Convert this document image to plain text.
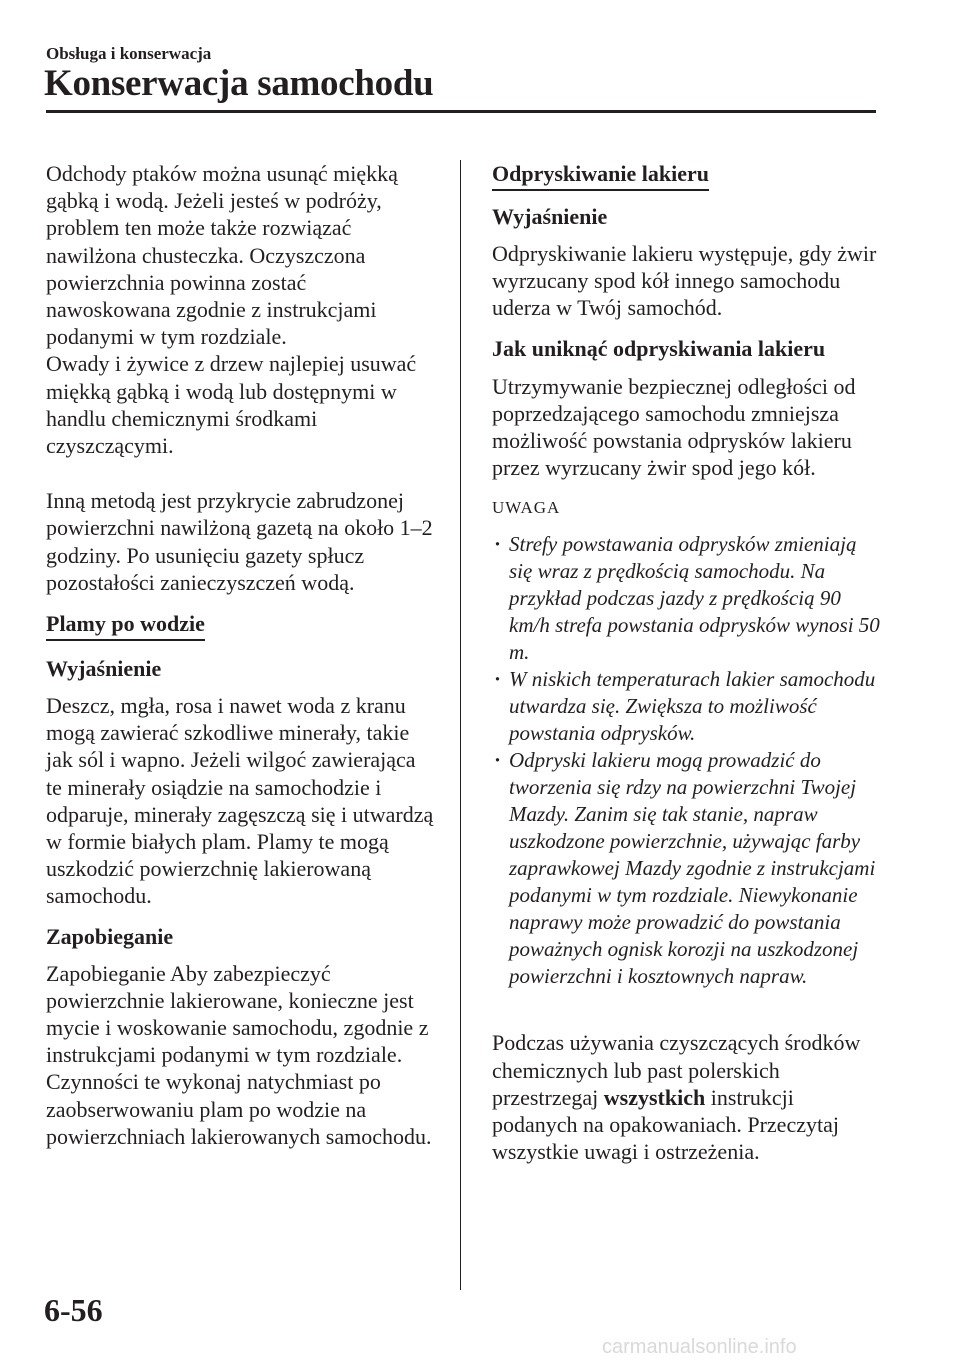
Obsługa i konserwacja
Konserwacja samochodu

Odchody ptaków można usunąć miękką gąbką i wodą. Jeżeli jesteś w podróży, problem ten może także rozwiązać nawilżona chusteczka. Oczyszczona powierzchnia powinna zostać nawoskowana zgodnie z instrukcjami podanymi w tym rozdziale.

Owady i żywice z drzew najlepiej usuwać miękką gąbką i wodą lub dostępnymi w handlu chemicznymi środkami czyszczącymi.

Inną metodą jest przykrycie zabrudzonej powierzchni nawilżoną gazetą na około 1–2 godziny. Po usunięciu gazety spłucz pozostałości zanieczyszczeń wodą.

Plamy po wodzie
Wyjaśnienie

Deszcz, mgła, rosa i nawet woda z kranu mogą zawierać szkodliwe minerały, takie jak sól i wapno. Jeżeli wilgoć zawierająca te minerały osiądzie na samochodzie i odparuje, minerały zagęszczą się i utwardzą w formie białych plam. Plamy te mogą uszkodzić powierzchnię lakierowaną samochodu.

Zapobieganie

Zapobieganie Aby zabezpieczyć powierzchnie lakierowane, konieczne jest mycie i woskowanie samochodu, zgodnie z instrukcjami podanymi w tym rozdziale. Czynności te wykonaj natychmiast po zaobserwowaniu plam po wodzie na powierzchniach lakierowanych samochodu.

Odpryskiwanie lakieru
Wyjaśnienie

Odpryskiwanie lakieru występuje, gdy żwir wyrzucany spod kół innego samochodu uderza w Twój samochód.

Jak uniknąć odpryskiwania lakieru

Utrzymywanie bezpiecznej odległości od poprzedzającego samochodu zmniejsza możliwość powstania odprysków lakieru przez wyrzucany żwir spod jego kół.

UWAGA
· Strefy powstawania odprysków zmieniają się wraz z prędkością samochodu. Na przykład podczas jazdy z prędkością 90 km/h strefa powstania odprysków wynosi 50 m.
· W niskich temperaturach lakier samochodu utwardza się. Zwiększa to możliwość powstania odprysków.
· Odpryski lakieru mogą prowadzić do tworzenia się rdzy na powierzchni Twojej Mazdy. Zanim się tak stanie, napraw uszkodzone powierzchnie, używając farby zaprawkowej Mazdy zgodnie z instrukcjami podanymi w tym rozdziale. Niewykonanie naprawy może prowadzić do powstania poważnych ognisk korozji na uszkodzonej powierzchni i kosztownych napraw.

Podczas używania czyszczących środków chemicznych lub past polerskich przestrzegaj wszystkich instrukcji podanych na opakowaniach. Przeczytaj wszystkie uwagi i ostrzeżenia.

6-56
carmanualsonline.info
